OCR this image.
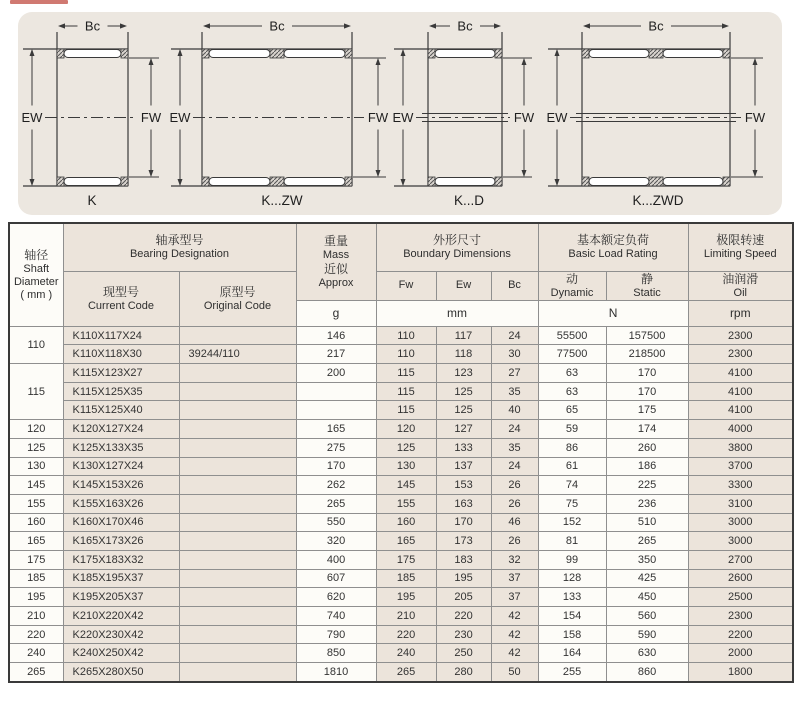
EW	FW
Bc
K
EW	FW
Bc
K...ZW
EW	FW
Bc
K...D
EW	FW
Bc
K...ZWD
轴径
Shaft
Diameter
( mm )

轴承型号
Bearing Designation

重量
Mass
近似
Approx

外形尺寸
Boundary Dimensions

基本额定负荷
Basic Load Rating

极限转速
Limiting Speed

现型号
Current Code

原型号
Original Code

Fw	Ew	Bc	动
Dynamic

静
Static

油润滑
Oil

			g	mm			N		rpm
110	K110X117X24		146	110	117	24	55500	157500	2300
	K110X118X30	39244/110	217	110	118	30	77500	218500	2300
115	K115X123X27		200	115	123	27	63	170	4100
	K115X125X35			115	125	35	63	170	4100
	K115X125X40			115	125	40	65	175	4100
120	K120X127X24		165	120	127	24	59	174	4000
125	K125X133X35		275	125	133	35	86	260	3800
130	K130X127X24		170	130	137	24	61	186	3700
145	K145X153X26		262	145	153	26	74	225	3300
155	K155X163X26		265	155	163	26	75	236	3100
160	K160X170X46		550	160	170	46	152	510	3000
165	K165X173X26		320	165	173	26	81	265	3000
175	K175X183X32		400	175	183	32	99	350	2700
185	K185X195X37		607	185	195	37	128	425	2600
195	K195X205X37		620	195	205	37	133	450	2500
210	K210X220X42		740	210	220	42	154	560	2300
220	K220X230X42		790	220	230	42	158	590	2200
240	K240X250X42		850	240	250	42	164	630	2000
265	K265X280X50		1810	265	280	50	255	860	1800
